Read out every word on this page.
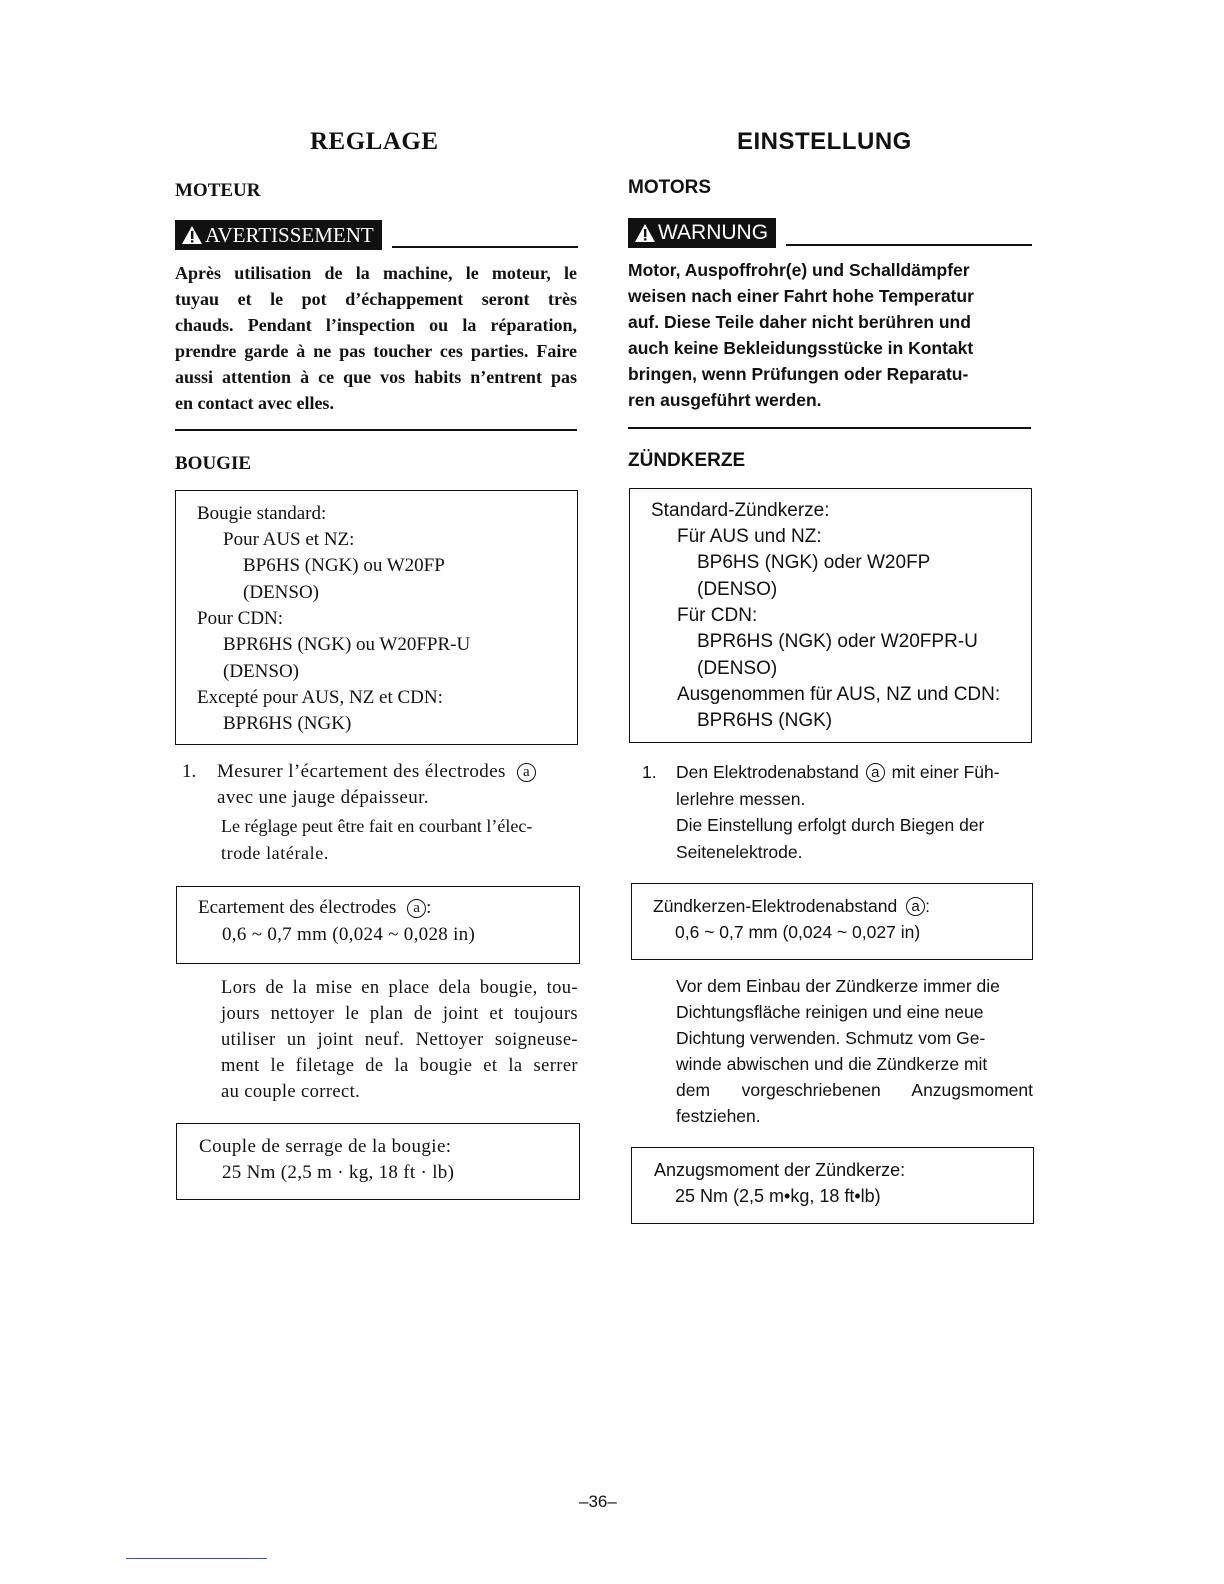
REGLAGE
MOTEUR
AVERTISSEMENT
Après utilisation de la machine, le moteur, le
tuyau et le pot d’échappement seront très
chauds. Pendant l’inspection ou la réparation,
prendre garde à ne pas toucher ces parties. Faire
aussi attention à ce que vos habits n’entrent pas
en contact avec elles.
BOUGIE
Bougie standard:
Pour AUS et NZ:
BP6HS (NGK) ou W20FP
(DENSO)
Pour CDN:
BPR6HS (NGK) ou W20FPR-U
(DENSO)
Excepté pour AUS, NZ et CDN:
BPR6HS (NGK)
1. Mesurer l’écartement des électrodes a
avec une jauge dépaisseur.
Le réglage peut être fait en courbant l’élec-
trode latérale.
Ecartement des électrodes a :
0,6 ~ 0,7 mm (0,024 ~ 0,028 in)
Lors de la mise en place dela bougie, tou-
jours nettoyer le plan de joint et toujours
utiliser un joint neuf. Nettoyer soigneuse-
ment le filetage de la bougie et la serrer
au couple correct.
Couple de serrage de la bougie:
25 Nm (2,5 m · kg, 18 ft · lb)
EINSTELLUNG
MOTORS
WARNUNG
Motor, Auspoffrohr(e) und Schalldämpfer
weisen nach einer Fahrt hohe Temperatur
auf. Diese Teile daher nicht berühren und
auch keine Bekleidungsstücke in Kontakt
bringen, wenn Prüfungen oder Reparatu-
ren ausgeführt werden.
ZÜNDKERZE
Standard-Zündkerze:
Für AUS und NZ:
BP6HS (NGK) oder W20FP
(DENSO)
Für CDN:
BPR6HS (NGK) oder W20FPR-U
(DENSO)
Ausgenommen für AUS, NZ und CDN:
BPR6HS (NGK)
1. Den Elektrodenabstand a mit einer Füh-
lerlehre messen.
Die Einstellung erfolgt durch Biegen der
Seitenelektrode.
Zündkerzen-Elektrodenabstand a :
0,6 ~ 0,7 mm (0,024 ~ 0,027 in)
Vor dem Einbau der Zündkerze immer die
Dichtungsfläche reinigen und eine neue
Dichtung verwenden. Schmutz vom Ge-
winde abwischen und die Zündkerze mit
dem vorgeschriebenen Anzugsmoment
festziehen.
Anzugsmoment der Zündkerze:
25 Nm (2,5 m•kg, 18 ft•lb)
–36–
